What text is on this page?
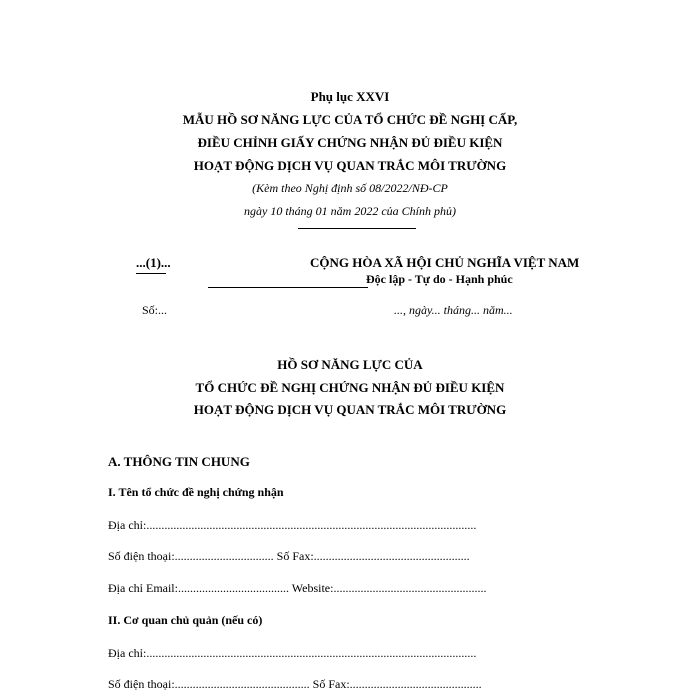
Phụ lục XXVI
MẪU HỒ SƠ NĂNG LỰC CỦA TỔ CHỨC ĐỀ NGHỊ CẤP,
ĐIỀU CHỈNH GIẤY CHỨNG NHẬN ĐỦ ĐIỀU KIỆN
HOẠT ĐỘNG DỊCH VỤ QUAN TRẮC MÔI TRƯỜNG
(Kèm theo Nghị định số 08/2022/NĐ-CP
ngày 10 tháng 01 năm 2022 của Chính phủ)
...(1)...	CỘNG HÒA XÃ HỘI CHỦ NGHĨA VIỆT NAM
Độc lập - Tự do - Hạnh phúc
Số:...	..., ngày... tháng... năm...
HỒ SƠ NĂNG LỰC CỦA
TỔ CHỨC ĐỀ NGHỊ CHỨNG NHẬN ĐỦ ĐIỀU KIỆN
HOẠT ĐỘNG DỊCH VỤ QUAN TRẮC MÔI TRƯỜNG
A. THÔNG TIN CHUNG
I. Tên tổ chức đề nghị chứng nhận
Địa chỉ:..............................................................................................................
Số điện thoại:................................. Số Fax:....................................................
Địa chỉ Email:..................................... Website:...................................................
II. Cơ quan chủ quản (nếu có)
Địa chỉ:..............................................................................................................
Số điện thoại:............................................. Số Fax:............................................
